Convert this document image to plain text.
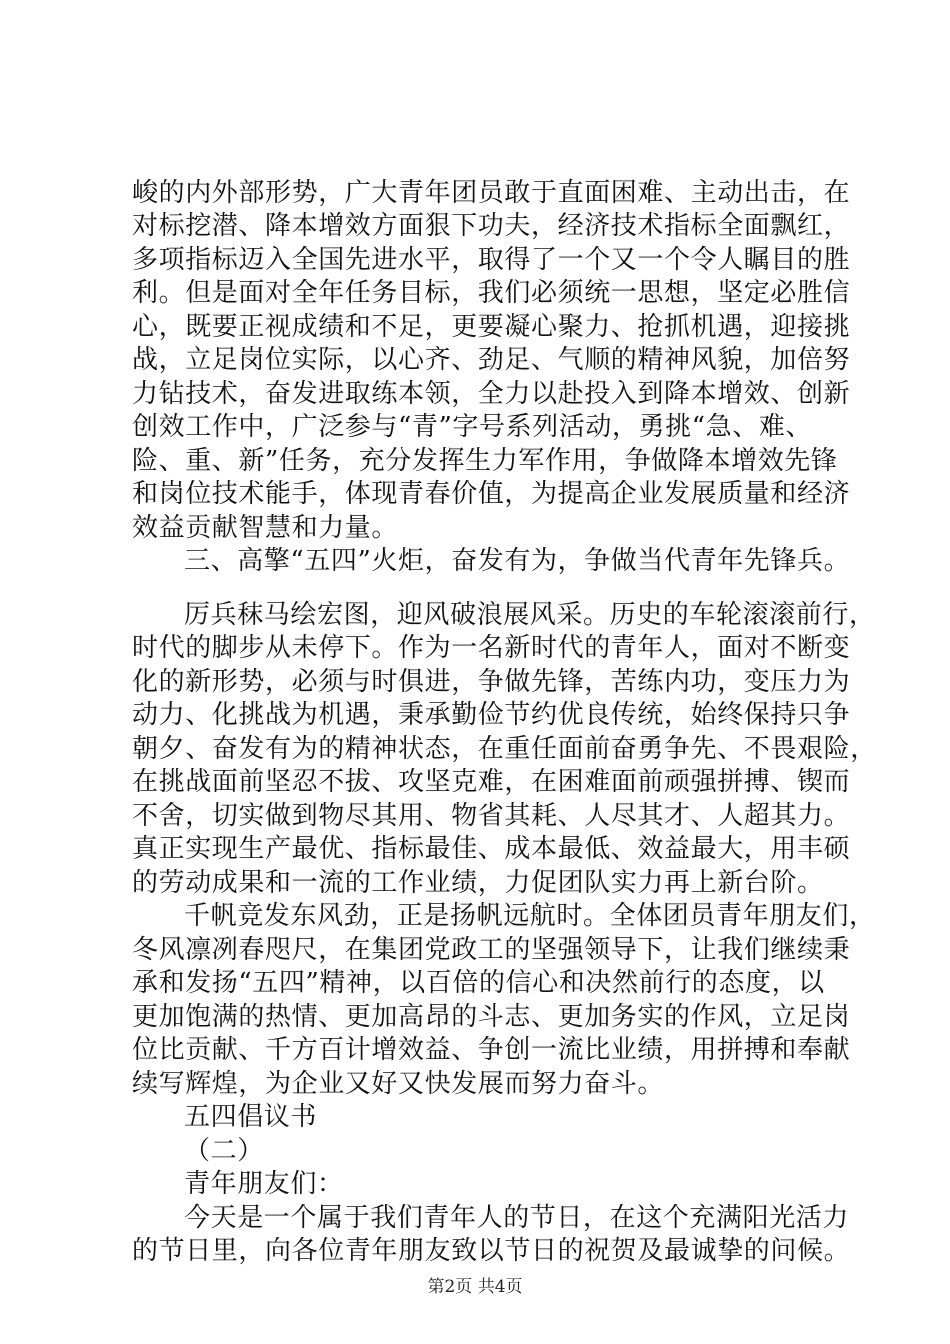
峻的内外部形势，广大青年团员敢于直面困难、主动出击，在
对标挖潜、降本增效方面狠下功夫，经济技术指标全面飘红，
多项指标迈入全国先进水平，取得了一个又一个令人瞩目的胜
利。但是面对全年任务目标，我们必须统一思想，坚定必胜信
心，既要正视成绩和不足，更要凝心聚力、抢抓机遇，迎接挑
战，立足岗位实际，以心齐、劲足、气顺的精神风貌，加倍努
力钻技术，奋发进取练本领，全力以赴投入到降本增效、创新
创效工作中，广泛参与“青”字号系列活动，勇挑“急、难、
险、重、新”任务，充分发挥生力军作用，争做降本增效先锋
和岗位技术能手，体现青春价值，为提高企业发展质量和经济
效益贡献智慧和力量。
三、高擎“五四”火炬，奋发有为，争做当代青年先锋兵。
厉兵秣马绘宏图，迎风破浪展风采。历史的车轮滚滚前行，
时代的脚步从未停下。作为一名新时代的青年人，面对不断变
化的新形势，必须与时俱进，争做先锋，苦练内功，变压力为
动力、化挑战为机遇，秉承勤俭节约优良传统，始终保持只争
朝夕、奋发有为的精神状态，在重任面前奋勇争先、不畏艰险，
在挑战面前坚忍不拔、攻坚克难，在困难面前顽强拼搏、锲而
不舍，切实做到物尽其用、物省其耗、人尽其才、人超其力。
真正实现生产最优、指标最佳、成本最低、效益最大，用丰硕
的劳动成果和一流的工作业绩，力促团队实力再上新台阶。
千帆竞发东风劲，正是扬帆远航时。全体团员青年朋友们，
冬风凛冽春咫尺，在集团党政工的坚强领导下，让我们继续秉
承和发扬“五四”精神，以百倍的信心和决然前行的态度，以
更加饱满的热情、更加高昂的斗志、更加务实的作风，立足岗
位比贡献、千方百计增效益、争创一流比业绩，用拼搏和奉献
续写辉煌，为企业又好又快发展而努力奋斗。
五四倡议书
（二）
青年朋友们：
今天是一个属于我们青年人的节日，在这个充满阳光活力
的节日里，向各位青年朋友致以节日的祝贺及最诚挚的问候。
第2页 共4页
